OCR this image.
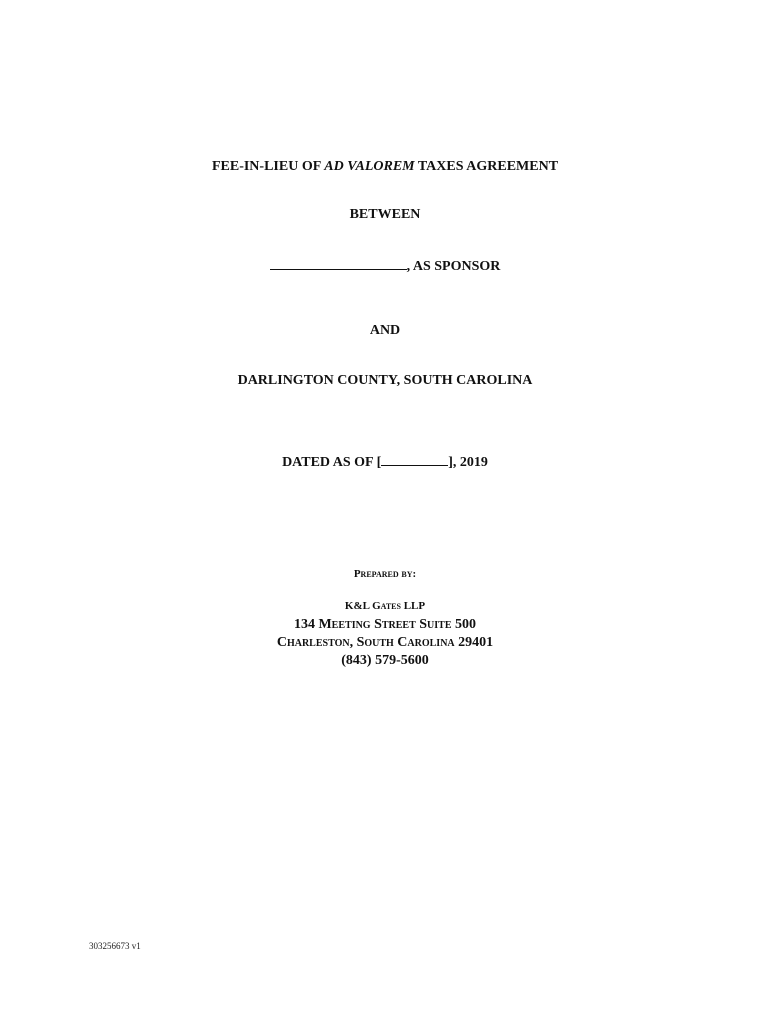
FEE-IN-LIEU OF AD VALOREM TAXES AGREEMENT
BETWEEN
, AS SPONSOR
AND
DARLINGTON COUNTY, SOUTH CAROLINA
DATED AS OF [	], 2019
Prepared by:
K&L Gates LLP
134 Meeting Street Suite 500
Charleston, South Carolina 29401
(843) 579-5600
303256673 v1
